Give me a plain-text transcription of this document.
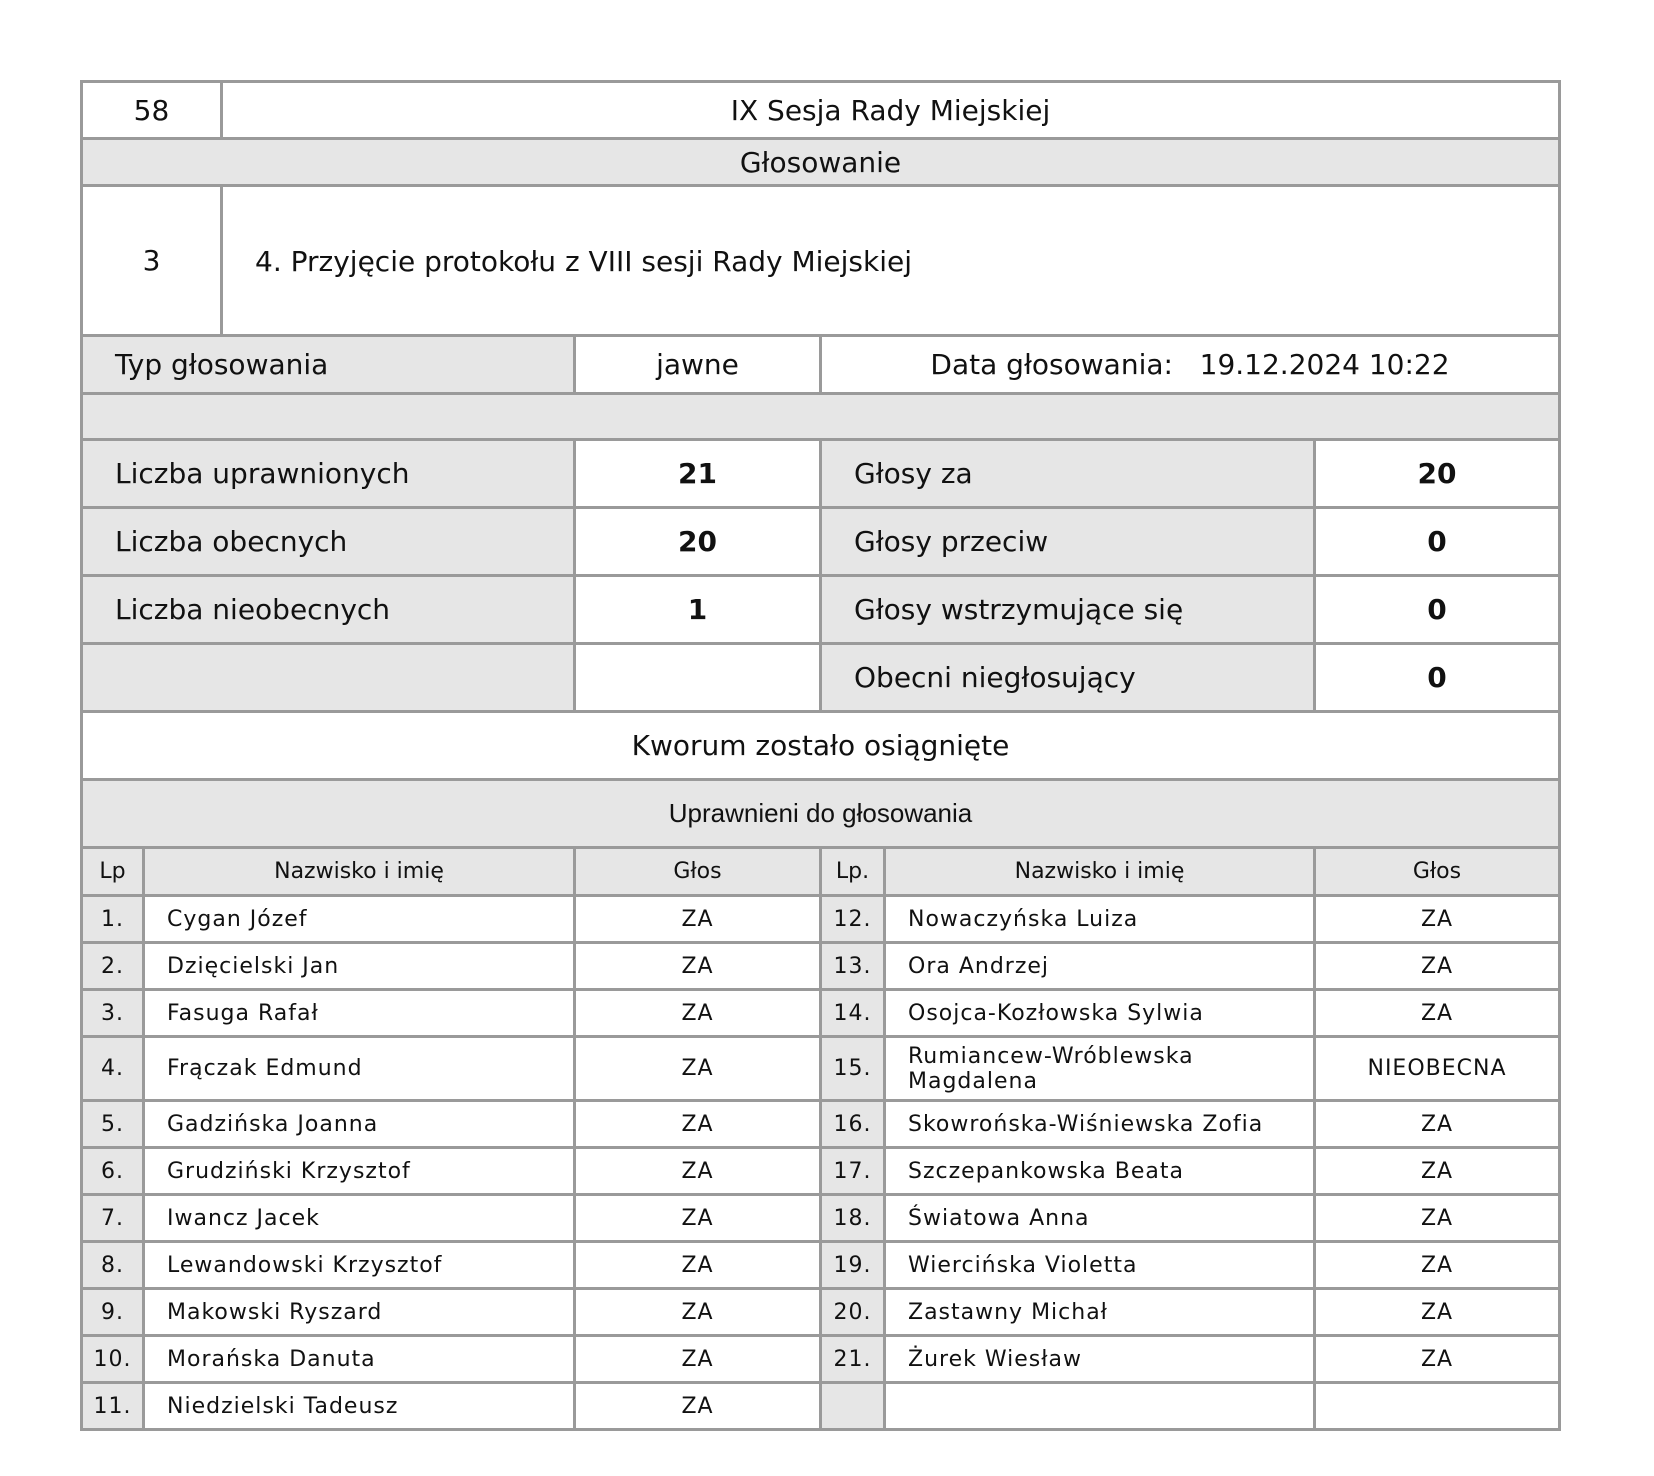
58	IX Sesja Rady Miejskiej
Głosowanie	
3	4. Przyjęcie protokołu z VIII sesji Rady Miejskiej
Typ głosowania	jawne	Data głosowania: 19.12.2024 10:22

Liczba uprawnionych	21	Głosy za	20
Liczba obecnych	20	Głosy przeciw	0
Liczba nieobecnych	1	Głosy wstrzymujące się	0
		Obecni niegłosujący	0
Kworum zostało osiągnięte
Uprawnieni do głosowania
Lp	Nazwisko i imię	Głos	Lp.	Nazwisko i imię	Głos
1.	Cygan Józef	ZA	12.	Nowaczyńska Luiza	ZA
2.	Dzięcielski Jan	ZA	13.	Ora Andrzej	ZA
3.	Fasuga Rafał	ZA	14.	Osojca-Kozłowska Sylwia	ZA
4.	Frączak Edmund	ZA	15.	Rumiancew-Wróblewska Magdalena	NIEOBECNA
5.	Gadzińska Joanna	ZA	16.	Skowrońska-Wiśniewska Zofia	ZA
6.	Grudziński Krzysztof	ZA	17.	Szczepankowska Beata	ZA
7.	Iwancz Jacek	ZA	18.	Światowa Anna	ZA
8.	Lewandowski Krzysztof	ZA	19.	Wiercińska Violetta	ZA
9.	Makowski Ryszard	ZA	20.	Zastawny Michał	ZA
10.	Morańska Danuta	ZA	21.	Żurek Wiesław	ZA
11.	Niedzielski Tadeusz	ZA			
